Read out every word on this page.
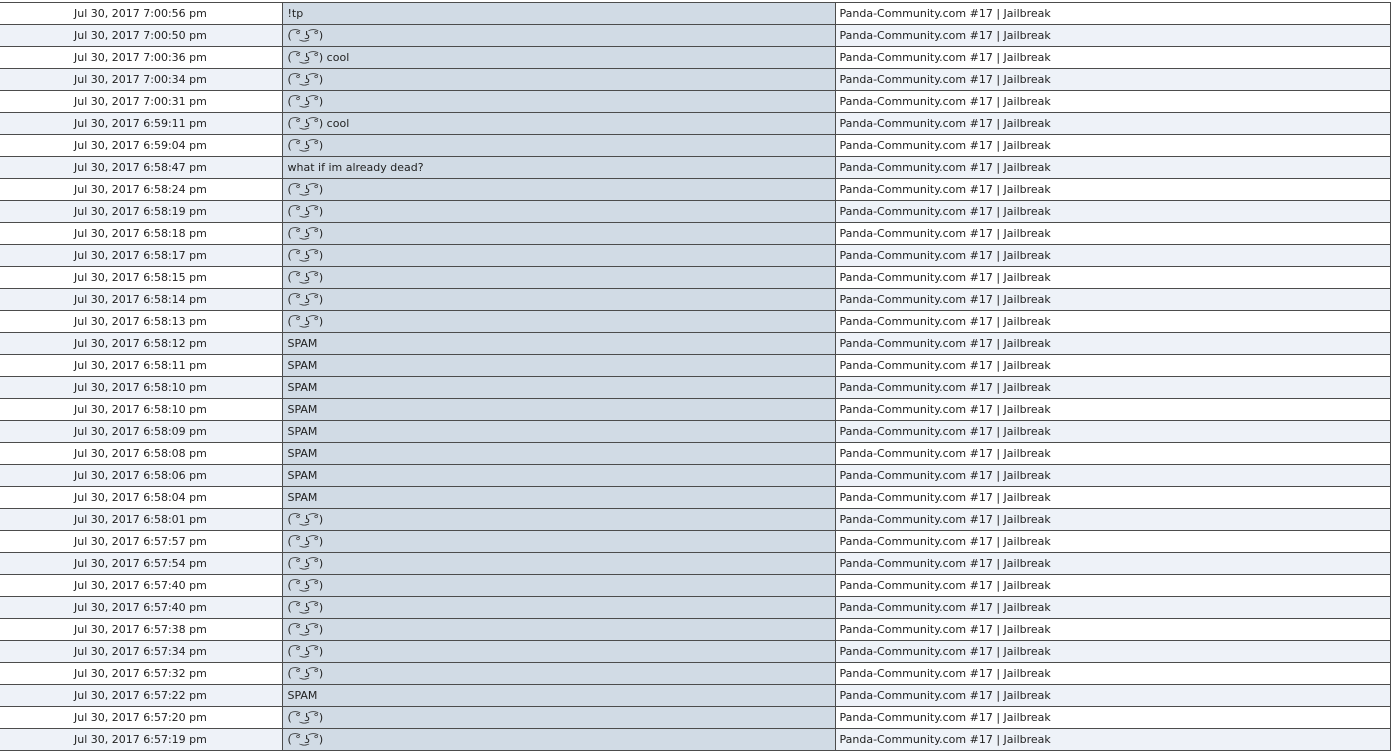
Jul 30, 2017 7:00:56 pm	!tp	Panda-Community.com #17 | Jailbreak
Jul 30, 2017 7:00:50 pm	( ͡° ͜ʖ ͡°)	Panda-Community.com #17 | Jailbreak
Jul 30, 2017 7:00:36 pm	( ͡° ͜ʖ ͡°) cool	Panda-Community.com #17 | Jailbreak
Jul 30, 2017 7:00:34 pm	( ͡° ͜ʖ ͡°)	Panda-Community.com #17 | Jailbreak
Jul 30, 2017 7:00:31 pm	( ͡° ͜ʖ ͡°)	Panda-Community.com #17 | Jailbreak
Jul 30, 2017 6:59:11 pm	( ͡° ͜ʖ ͡°) cool	Panda-Community.com #17 | Jailbreak
Jul 30, 2017 6:59:04 pm	( ͡° ͜ʖ ͡°)	Panda-Community.com #17 | Jailbreak
Jul 30, 2017 6:58:47 pm	what if im already dead?	Panda-Community.com #17 | Jailbreak
Jul 30, 2017 6:58:24 pm	( ͡° ͜ʖ ͡°)	Panda-Community.com #17 | Jailbreak
Jul 30, 2017 6:58:19 pm	( ͡° ͜ʖ ͡°)	Panda-Community.com #17 | Jailbreak
Jul 30, 2017 6:58:18 pm	( ͡° ͜ʖ ͡°)	Panda-Community.com #17 | Jailbreak
Jul 30, 2017 6:58:17 pm	( ͡° ͜ʖ ͡°)	Panda-Community.com #17 | Jailbreak
Jul 30, 2017 6:58:15 pm	( ͡° ͜ʖ ͡°)	Panda-Community.com #17 | Jailbreak
Jul 30, 2017 6:58:14 pm	( ͡° ͜ʖ ͡°)	Panda-Community.com #17 | Jailbreak
Jul 30, 2017 6:58:13 pm	( ͡° ͜ʖ ͡°)	Panda-Community.com #17 | Jailbreak
Jul 30, 2017 6:58:12 pm	SPAM	Panda-Community.com #17 | Jailbreak
Jul 30, 2017 6:58:11 pm	SPAM	Panda-Community.com #17 | Jailbreak
Jul 30, 2017 6:58:10 pm	SPAM	Panda-Community.com #17 | Jailbreak
Jul 30, 2017 6:58:10 pm	SPAM	Panda-Community.com #17 | Jailbreak
Jul 30, 2017 6:58:09 pm	SPAM	Panda-Community.com #17 | Jailbreak
Jul 30, 2017 6:58:08 pm	SPAM	Panda-Community.com #17 | Jailbreak
Jul 30, 2017 6:58:06 pm	SPAM	Panda-Community.com #17 | Jailbreak
Jul 30, 2017 6:58:04 pm	SPAM	Panda-Community.com #17 | Jailbreak
Jul 30, 2017 6:58:01 pm	( ͡° ͜ʖ ͡°)	Panda-Community.com #17 | Jailbreak
Jul 30, 2017 6:57:57 pm	( ͡° ͜ʖ ͡°)	Panda-Community.com #17 | Jailbreak
Jul 30, 2017 6:57:54 pm	( ͡° ͜ʖ ͡°)	Panda-Community.com #17 | Jailbreak
Jul 30, 2017 6:57:40 pm	( ͡° ͜ʖ ͡°)	Panda-Community.com #17 | Jailbreak
Jul 30, 2017 6:57:40 pm	( ͡° ͜ʖ ͡°)	Panda-Community.com #17 | Jailbreak
Jul 30, 2017 6:57:38 pm	( ͡° ͜ʖ ͡°)	Panda-Community.com #17 | Jailbreak
Jul 30, 2017 6:57:34 pm	( ͡° ͜ʖ ͡°)	Panda-Community.com #17 | Jailbreak
Jul 30, 2017 6:57:32 pm	( ͡° ͜ʖ ͡°)	Panda-Community.com #17 | Jailbreak
Jul 30, 2017 6:57:22 pm	SPAM	Panda-Community.com #17 | Jailbreak
Jul 30, 2017 6:57:20 pm	( ͡° ͜ʖ ͡°)	Panda-Community.com #17 | Jailbreak
Jul 30, 2017 6:57:19 pm	( ͡° ͜ʖ ͡°)	Panda-Community.com #17 | Jailbreak
